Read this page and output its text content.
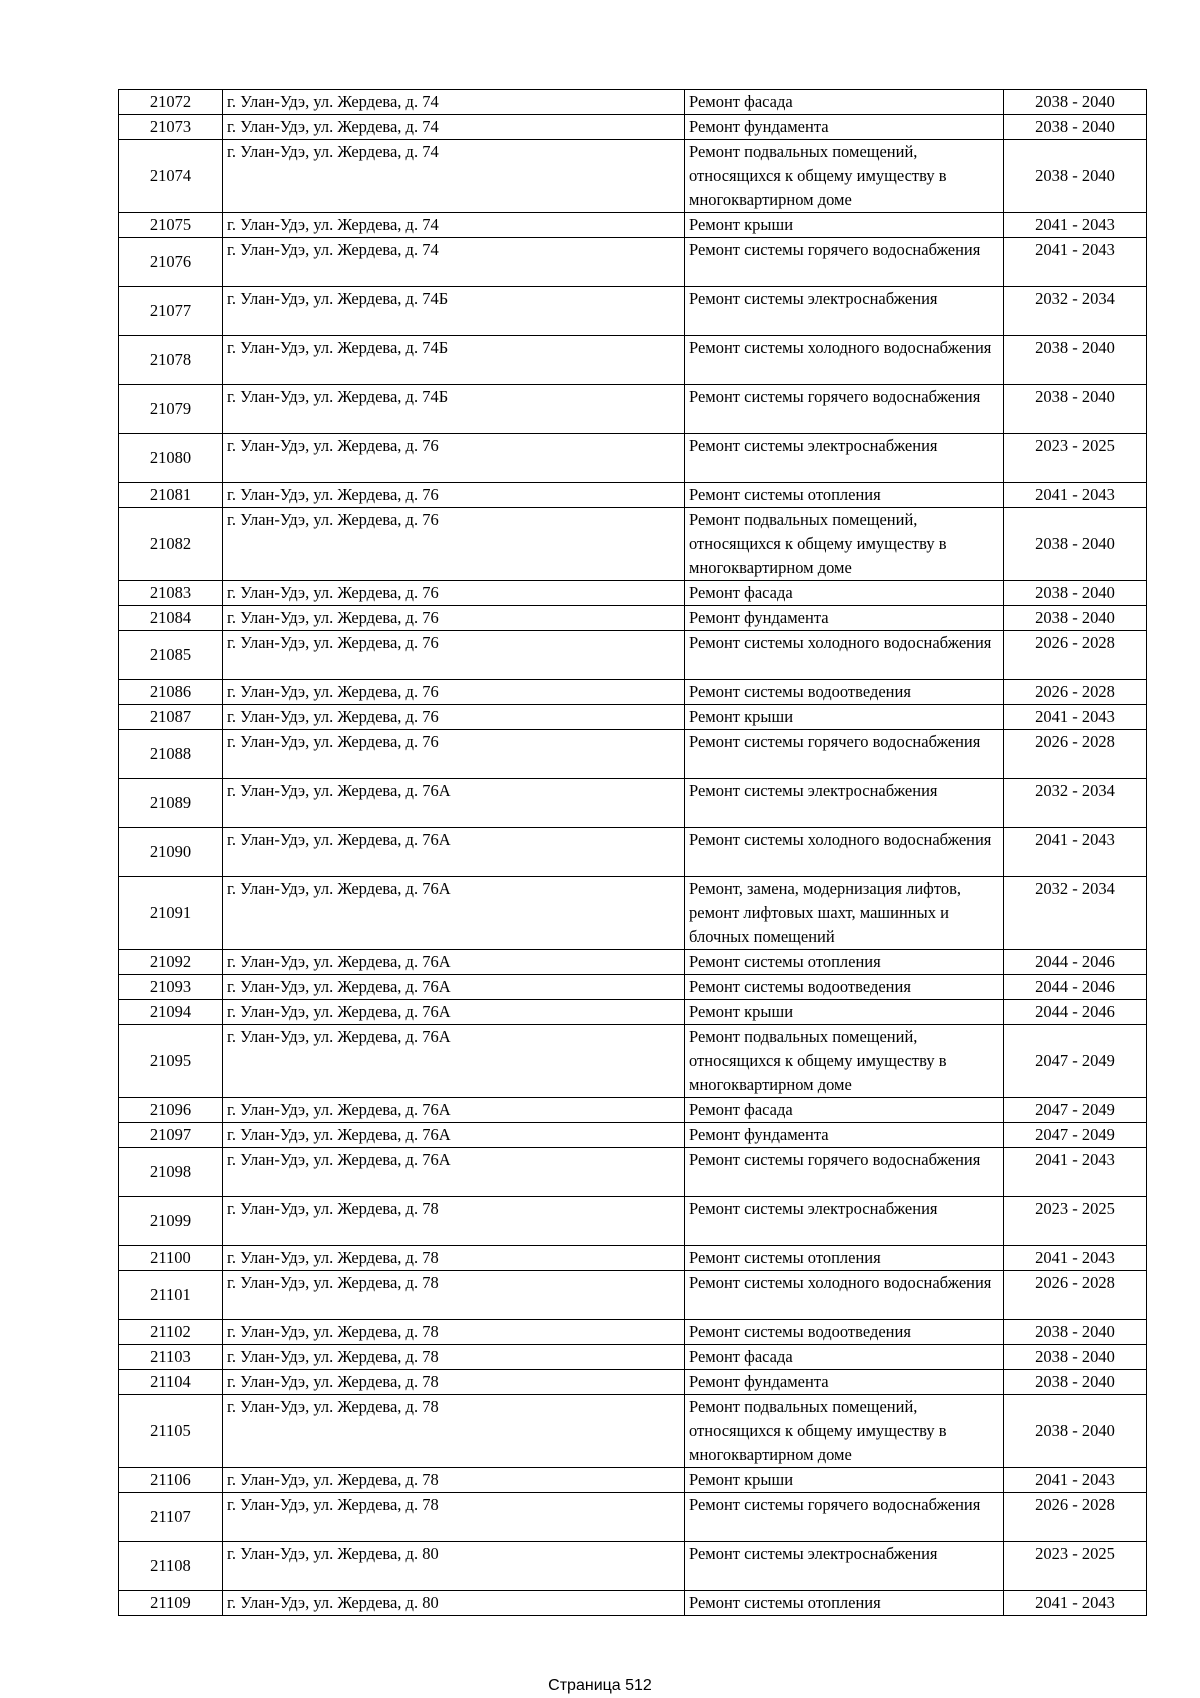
21072	г. Улан-Удэ, ул. Жердева, д. 74	Ремонт фасада	2038 - 2040
21073	г. Улан-Удэ, ул. Жердева, д. 74	Ремонт фундамента	2038 - 2040
21074	г. Улан-Удэ, ул. Жердева, д. 74	Ремонт подвальных помещений, относящихся к общему имуществу в многоквартирном доме	2038 - 2040
21075	г. Улан-Удэ, ул. Жердева, д. 74	Ремонт крыши	2041 - 2043
21076	г. Улан-Удэ, ул. Жердева, д. 74	Ремонт системы горячего водоснабжения	2041 - 2043
21077	г. Улан-Удэ, ул. Жердева, д. 74Б	Ремонт системы электроснабжения	2032 - 2034
21078	г. Улан-Удэ, ул. Жердева, д. 74Б	Ремонт системы холодного водоснабжения	2038 - 2040
21079	г. Улан-Удэ, ул. Жердева, д. 74Б	Ремонт системы горячего водоснабжения	2038 - 2040
21080	г. Улан-Удэ, ул. Жердева, д. 76	Ремонт системы электроснабжения	2023 - 2025
21081	г. Улан-Удэ, ул. Жердева, д. 76	Ремонт системы отопления	2041 - 2043
21082	г. Улан-Удэ, ул. Жердева, д. 76	Ремонт подвальных помещений, относящихся к общему имуществу в многоквартирном доме	2038 - 2040
21083	г. Улан-Удэ, ул. Жердева, д. 76	Ремонт фасада	2038 - 2040
21084	г. Улан-Удэ, ул. Жердева, д. 76	Ремонт фундамента	2038 - 2040
21085	г. Улан-Удэ, ул. Жердева, д. 76	Ремонт системы холодного водоснабжения	2026 - 2028
21086	г. Улан-Удэ, ул. Жердева, д. 76	Ремонт системы водоотведения	2026 - 2028
21087	г. Улан-Удэ, ул. Жердева, д. 76	Ремонт крыши	2041 - 2043
21088	г. Улан-Удэ, ул. Жердева, д. 76	Ремонт системы горячего водоснабжения	2026 - 2028
21089	г. Улан-Удэ, ул. Жердева, д. 76А	Ремонт системы электроснабжения	2032 - 2034
21090	г. Улан-Удэ, ул. Жердева, д. 76А	Ремонт системы холодного водоснабжения	2041 - 2043
21091	г. Улан-Удэ, ул. Жердева, д. 76А	Ремонт, замена, модернизация лифтов, ремонт лифтовых шахт, машинных и блочных помещений	2032 - 2034
21092	г. Улан-Удэ, ул. Жердева, д. 76А	Ремонт системы отопления	2044 - 2046
21093	г. Улан-Удэ, ул. Жердева, д. 76А	Ремонт системы водоотведения	2044 - 2046
21094	г. Улан-Удэ, ул. Жердева, д. 76А	Ремонт крыши	2044 - 2046
21095	г. Улан-Удэ, ул. Жердева, д. 76А	Ремонт подвальных помещений, относящихся к общему имуществу в многоквартирном доме	2047 - 2049
21096	г. Улан-Удэ, ул. Жердева, д. 76А	Ремонт фасада	2047 - 2049
21097	г. Улан-Удэ, ул. Жердева, д. 76А	Ремонт фундамента	2047 - 2049
21098	г. Улан-Удэ, ул. Жердева, д. 76А	Ремонт системы горячего водоснабжения	2041 - 2043
21099	г. Улан-Удэ, ул. Жердева, д. 78	Ремонт системы электроснабжения	2023 - 2025
21100	г. Улан-Удэ, ул. Жердева, д. 78	Ремонт системы отопления	2041 - 2043
21101	г. Улан-Удэ, ул. Жердева, д. 78	Ремонт системы холодного водоснабжения	2026 - 2028
21102	г. Улан-Удэ, ул. Жердева, д. 78	Ремонт системы водоотведения	2038 - 2040
21103	г. Улан-Удэ, ул. Жердева, д. 78	Ремонт фасада	2038 - 2040
21104	г. Улан-Удэ, ул. Жердева, д. 78	Ремонт фундамента	2038 - 2040
21105	г. Улан-Удэ, ул. Жердева, д. 78	Ремонт подвальных помещений, относящихся к общему имуществу в многоквартирном доме	2038 - 2040
21106	г. Улан-Удэ, ул. Жердева, д. 78	Ремонт крыши	2041 - 2043
21107	г. Улан-Удэ, ул. Жердева, д. 78	Ремонт системы горячего водоснабжения	2026 - 2028
21108	г. Улан-Удэ, ул. Жердева, д. 80	Ремонт системы электроснабжения	2023 - 2025
21109	г. Улан-Удэ, ул. Жердева, д. 80	Ремонт системы отопления	2041 - 2043
Страница 512
